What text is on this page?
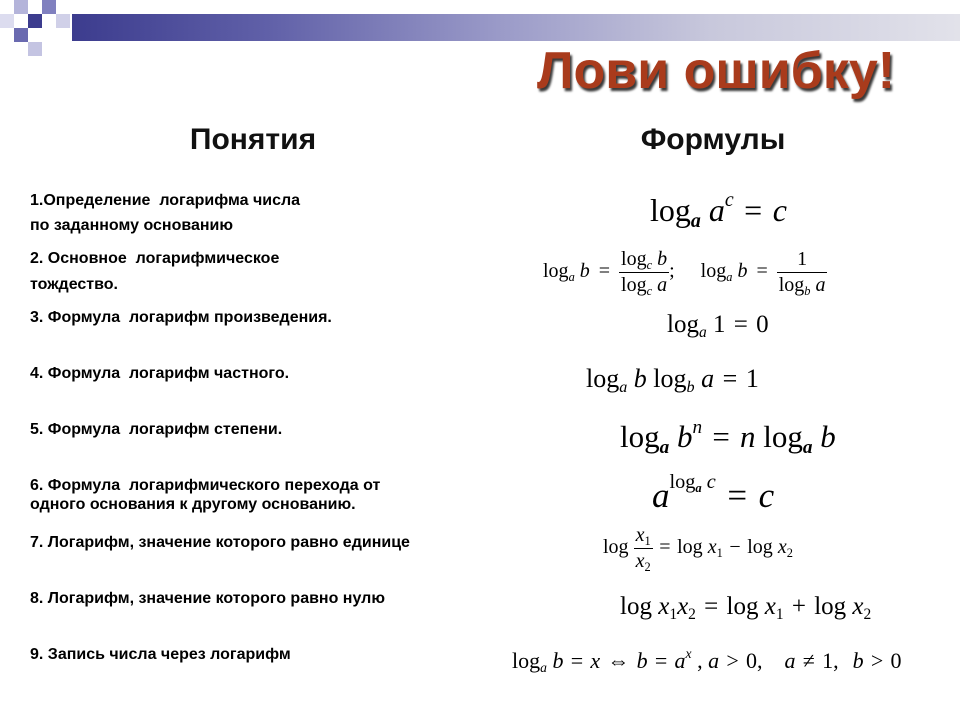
Лови ошибку!
Понятия	Формулы
1.Определение  логарифма числа
по заданному основанию
2. Основное  логарифмическое
тождество.
3. Формула  логарифм произведения.
4. Формула  логарифм частного.
5. Формула  логарифм степени.
6. Формула  логарифмического перехода от
одного основания к другому основанию.
7. Логарифм, значение которого равно единице
8. Логарифм, значение которого равно нулю
9. Запись числа через логарифм
loga $a^c = c$
loga $b = \frac{\text{logc b}}{\text{logc a}}$ ; loga $b = \frac{1}{\text{logb a}}$
loga 1 = 0
loga b logb a = 1
loga $b^n = n$ loga b
$a^{loga c} = c$
$\log \frac{x1}{x2} = \log x1 - \log x2$
log x1x2 = log x1 + log x2
loga b = x ⇔ $b = a^x$ , a > 0, a ≠ 1, b > 0
